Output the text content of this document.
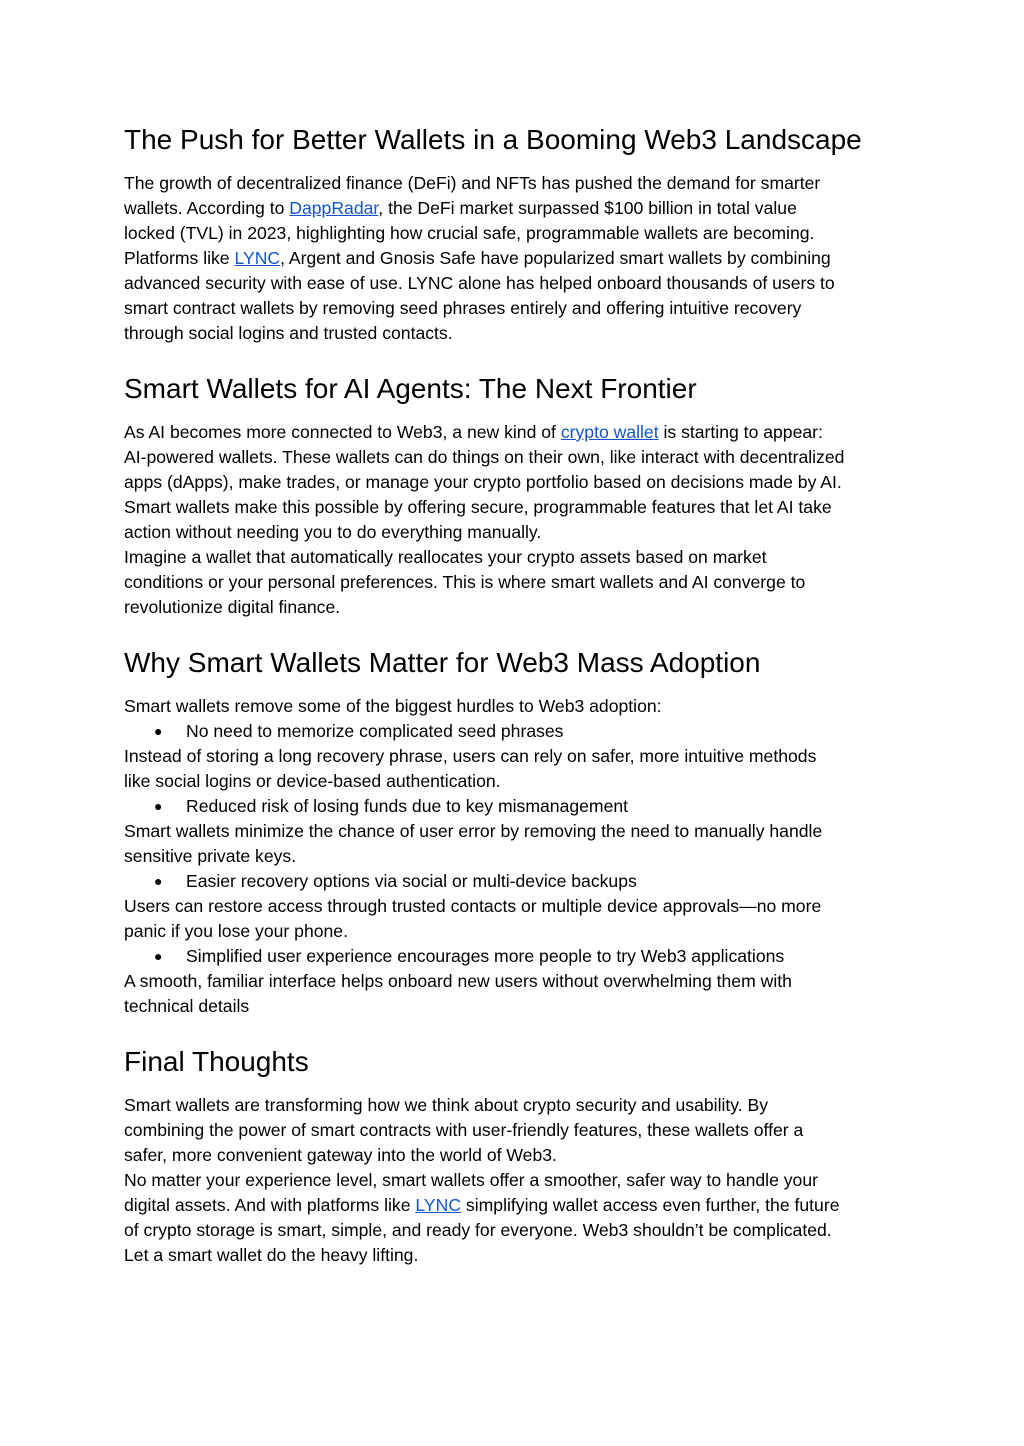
The Push for Better Wallets in a Booming Web3 Landscape

The growth of decentralized finance (DeFi) and NFTs has pushed the demand for smarter

wallets. According to DappRadar, the DeFi market surpassed $100 billion in total value

locked (TVL) in 2023, highlighting how crucial safe, programmable wallets are becoming.

Platforms like LYNC, Argent and Gnosis Safe have popularized smart wallets by combining

advanced security with ease of use. LYNC alone has helped onboard thousands of users to

smart contract wallets by removing seed phrases entirely and offering intuitive recovery

through social logins and trusted contacts.

Smart Wallets for AI Agents: The Next Frontier

As AI becomes more connected to Web3, a new kind of crypto wallet is starting to appear:

AI-powered wallets. These wallets can do things on their own, like interact with decentralized

apps (dApps), make trades, or manage your crypto portfolio based on decisions made by AI.

Smart wallets make this possible by offering secure, programmable features that let AI take

action without needing you to do everything manually.

Imagine a wallet that automatically reallocates your crypto assets based on market

conditions or your personal preferences. This is where smart wallets and AI converge to

revolutionize digital finance.

Why Smart Wallets Matter for Web3 Mass Adoption

Smart wallets remove some of the biggest hurdles to Web3 adoption:

● No need to memorize complicated seed phrases

Instead of storing a long recovery phrase, users can rely on safer, more intuitive methods

like social logins or device-based authentication.

● Reduced risk of losing funds due to key mismanagement

Smart wallets minimize the chance of user error by removing the need to manually handle

sensitive private keys.

● Easier recovery options via social or multi-device backups

Users can restore access through trusted contacts or multiple device approvals—no more

panic if you lose your phone.

● Simplified user experience encourages more people to try Web3 applications

A smooth, familiar interface helps onboard new users without overwhelming them with

technical details

Final Thoughts

Smart wallets are transforming how we think about crypto security and usability. By

combining the power of smart contracts with user-friendly features, these wallets offer a

safer, more convenient gateway into the world of Web3.

No matter your experience level, smart wallets offer a smoother, safer way to handle your

digital assets. And with platforms like LYNC simplifying wallet access even further, the future

of crypto storage is smart, simple, and ready for everyone. Web3 shouldn’t be complicated.

Let a smart wallet do the heavy lifting.
